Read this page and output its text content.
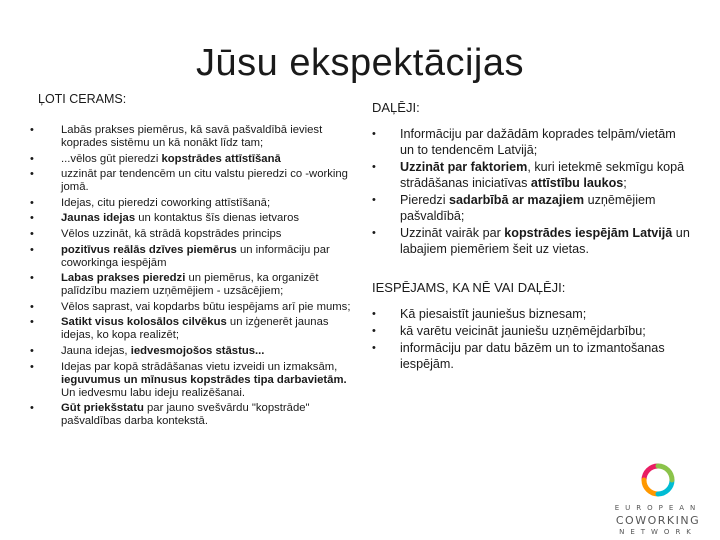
Jūsu ekspektācijas
ĻOTI CERAMS:
• Labās prakses piemērus, kā savā pašvaldībā ieviest koprades sistēmu un kā nonākt līdz tam;
• ...vēlos gūt pieredzi kopstrādes attīstīšanā
• uzzināt par tendencēm un citu valstu pieredzi co -working jomā.
• Idejas, citu pieredzi coworking attīstīšanā;
• Jaunas idejas un kontaktus šīs dienas ietvaros
• Vēlos uzzināt, kā strādā kopstrādes princips
• pozitīvus reālās dzīves piemērus un informāciju par coworkinga iespējām
• Labas prakses pieredzi un piemērus, ka organizēt palīdzību maziem uzņēmējiem - uzsācējiem;
• Vēlos saprast, vai kopdarbs būtu iespējams arī pie mums;
• Satikt visus kolosālos cilvēkus un izģenerēt jaunas idejas, ko kopa realizēt;
• Jauna idejas, iedvesmojošos stāstus...
• Idejas par kopā strādāšanas vietu izveidi un izmaksām, ieguvumus un mīnusus kopstrādes tipa darbavietām. Un iedvesmu labu ideju realizēšanai.
• Gūt priekšstatu par jauno svešvārdu "kopstrāde" pašvaldības darba kontekstā.
DAĻĒJI:
• Informāciju par dažādām koprades telpām/vietām un to tendencēm Latvijā;
• Uzzināt par faktoriem, kuri ietekmē sekmīgu kopā strādāšanas iniciatīvas attīstību laukos;
• Pieredzi sadarbībā ar mazajiem uzņēmējiem pašvaldībā;
• Uzzināt vairāk par kopstrādes iespējām Latvijā un labajiem piemēriem šeit uz vietas.
IESPĒJAMS, KA NĒ VAI DAĻĒJI:
• Kā piesaistīt jauniešus biznesam;
• kā varētu veicināt jauniešu uzņēmējdarbību;
• informāciju par datu bāzēm un to izmantošanas iespējām.
EUROPEAN
COWORKING
NETWORK
